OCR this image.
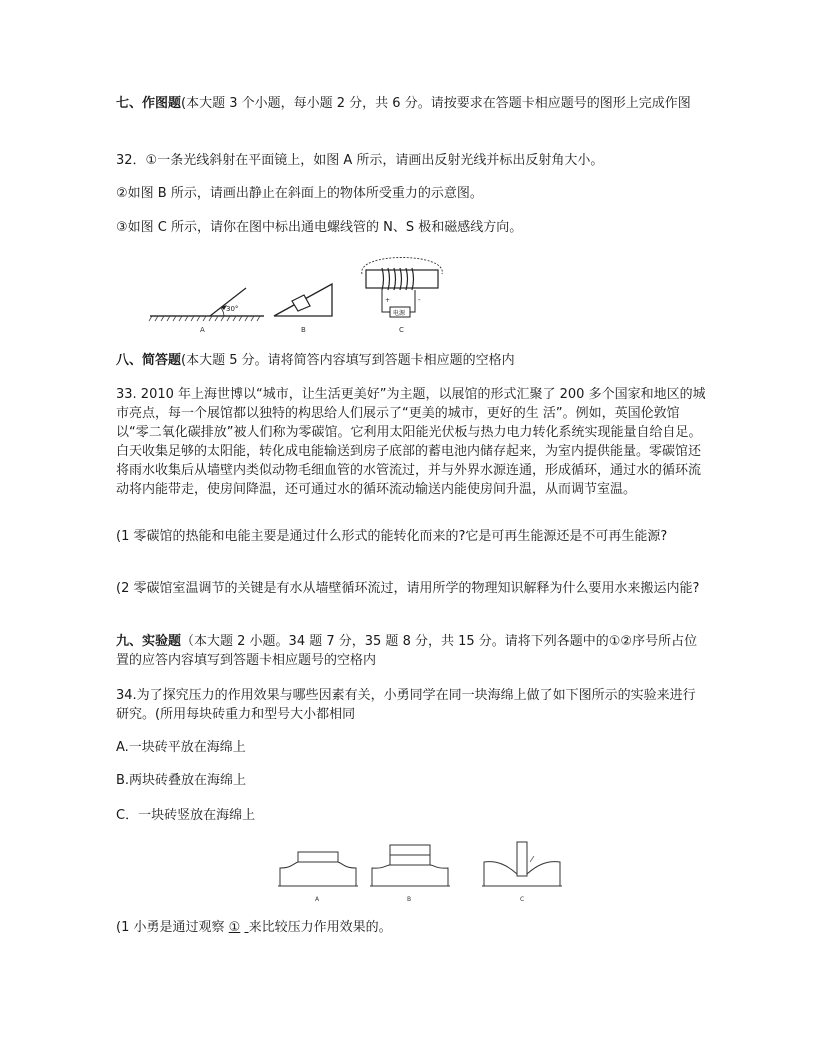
七、作图题(本大题 3 个小题，每小题 2 分，共 6 分。请按要求在答题卡相应题号的图形上完成作图

32．①一条光线斜射在平面镜上，如图 A 所示，请画出反射光线并标出反射角大小。

②如图 B 所示，请画出静止在斜面上的物体所受重力的示意图。

③如图 C 所示，请你在图中标出通电螺线管的 N、S 极和磁感线方向。

30°
A	B
电源
+	-
C

八、简答题(本大题 5 分。请将简答内容填写到答题卡相应题的空格内

33. 2010 年上海世博以“城市，让生活更美好”为主题，以展馆的形式汇聚了 200 多个国家和地区的城市亮点，每一个展馆都以独特的构思给人们展示了“更美的城市，更好的生 活”。例如，英国伦敦馆以“零二氧化碳排放”被人们称为零碳馆。它利用太阳能光伏板与热力电力转化系统实现能量自给自足。白天收集足够的太阳能，转化成电能输送到房子底部的蓄电池内储存起来，为室内提供能量。零碳馆还将雨水收集后从墙壁内类似动物毛细血管的水管流过，并与外界水源连通，形成循环，通过水的循环流动将内能带走，使房间降温，还可通过水的循环流动输送内能使房间升温，从而调节室温。

(1 零碳馆的热能和电能主要是通过什么形式的能转化而来的?它是可再生能源还是不可再生能源?

(2 零碳馆室温调节的关键是有水从墙壁循环流过，请用所学的物理知识解释为什么要用水来搬运内能?

九、实验题（本大题 2 小题。34 题 7 分，35 题 8 分，共 15 分。请将下列各题中的①②序号所占位置的应答内容填写到答题卡相应题号的空格内

34.为了探究压力的作用效果与哪些因素有关，小勇同学在同一块海绵上做了如下图所示的实验来进行研究。(所用每块砖重力和型号大小都相同

A.一块砖平放在海绵上

B.两块砖叠放在海绵上

C．一块砖竖放在海绵上

A	B	C

(1 小勇是通过观察 ① 来比较压力作用效果的。
